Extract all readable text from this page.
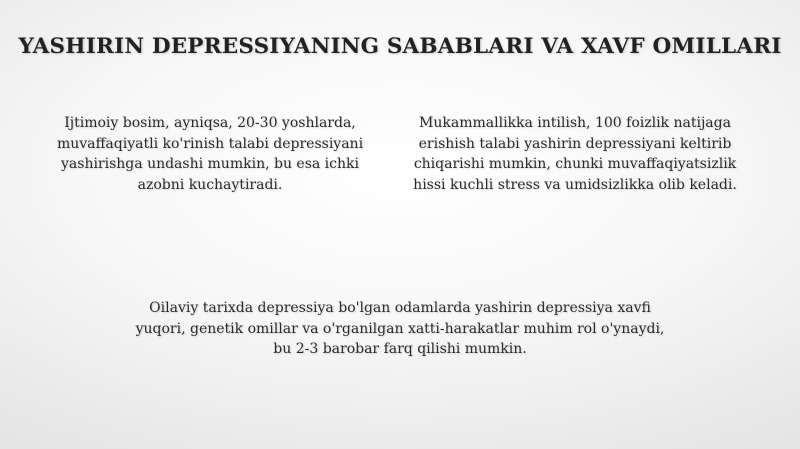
YASHIRIN DEPRESSIYANING SABABLARI VA XAVF OMILLARI
Ijtimoiy bosim, ayniqsa, 20-30 yoshlarda, muvaffaqiyatli ko'rinish talabi depressiyani yashirishga undashi mumkin, bu esa ichki azobni kuchaytiradi.
Mukammallikka intilish, 100 foizlik natijaga erishish talabi yashirin depressiyani keltirib chiqarishi mumkin, chunki muvaffaqiyatsizlik hissi kuchli stress va umidsizlikka olib keladi.
Oilaviy tarixda depressiya bo'lgan odamlarda yashirin depressiya xavfi yuqori, genetik omillar va o'rganilgan xatti-harakatlar muhim rol o'ynaydi, bu 2-3 barobar farq qilishi mumkin.
